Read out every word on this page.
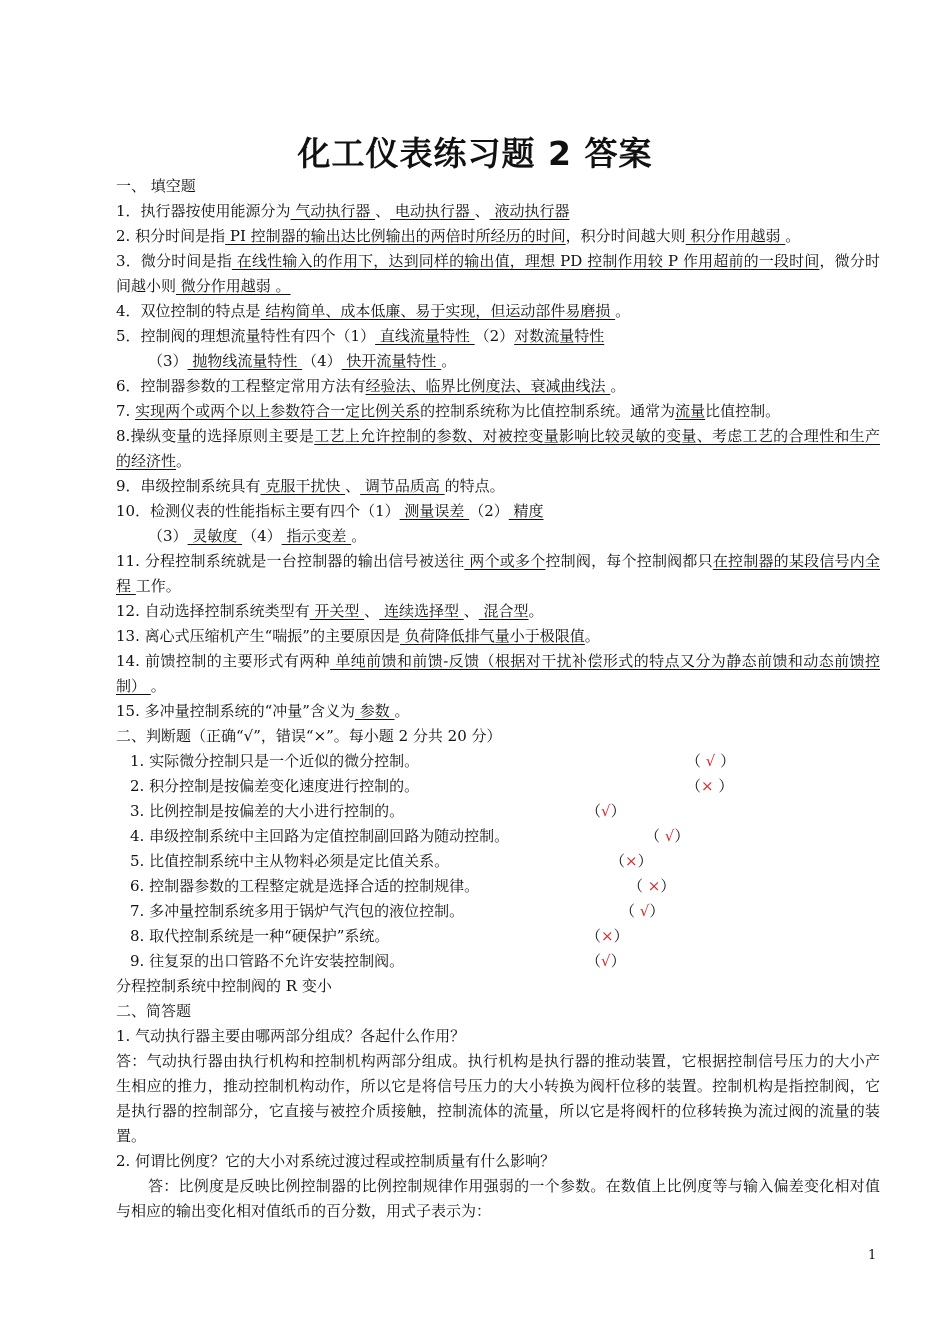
化工仪表练习题 2 答案
一、 填空题
1．执行器按使用能源分为 气动执行器 、 电动执行器 、 液动执行器
2. 积分时间是指 PI 控制器的输出达比例输出的两倍时所经历的时间，积分时间越大则 积分作用越弱 。
3．微分时间是指 在线性输入的作用下，达到同样的输出值，理想 PD 控制作用较 P 作用超前的一段时间，微分时间越小则 微分作用越弱 。
4．双位控制的特点是 结构简单、成本低廉、易于实现，但运动部件易磨损 。
5．控制阀的理想流量特性有四个（1） 直线流量特性 （2）对数流量特性
（3） 抛物线流量特性 （4） 快开流量特性 。
6．控制器参数的工程整定常用方法有经验法、临界比例度法、衰减曲线法 。
7. 实现两个或两个以上参数符合一定比例关系的控制系统称为比值控制系统。通常为流量比值控制。
8.操纵变量的选择原则主要是工艺上允许控制的参数、对被控变量影响比较灵敏的变量、考虑工艺的合理性和生产的经济性。
9．串级控制系统具有 克服干扰快 、 调节品质高 的特点。
10．检测仪表的性能指标主要有四个（1） 测量误差 （2） 精度
（3） 灵敏度 （4） 指示变差 。
11. 分程控制系统就是一台控制器的输出信号被送往 两个或多个控制阀，每个控制阀都只在控制器的某段信号内全程 工作。
12. 自动选择控制系统类型有 开关型 、 连续选择型 、 混合型。
13. 离心式压缩机产生“喘振”的主要原因是 负荷降低排气量小于极限值。
14. 前馈控制的主要形式有两种 单纯前馈和前馈-反馈（根据对干扰补偿形式的特点又分为静态前馈和动态前馈控制） 。
15. 多冲量控制系统的“冲量”含义为 参数 。
二、判断题（正确“√”，错误“×”。每小题 2 分共 20 分）
1. 实际微分控制只是一个近似的微分控制。	（ √ ）
2. 积分控制是按偏差变化速度进行控制的。	（× ）
3. 比例控制是按偏差的大小进行控制的。	（√）
4. 串级控制系统中主回路为定值控制副回路为随动控制。	（ √）
5. 比值控制系统中主从物料必须是定比值关系。	（×）
6. 控制器参数的工程整定就是选择合适的控制规律。	（ ×）
7. 多冲量控制系统多用于锅炉气汽包的液位控制。	（ √）
8. 取代控制系统是一种“硬保护”系统。	（×）
9. 往复泵的出口管路不允许安装控制阀。	（√）
分程控制系统中控制阀的 R 变小
二、简答题
1. 气动执行器主要由哪两部分组成？各起什么作用？
答：气动执行器由执行机构和控制机构两部分组成。执行机构是执行器的推动装置，它根据控制信号压力的大小产生相应的推力，推动控制机构动作，所以它是将信号压力的大小转换为阀杆位移的装置。控制机构是指控制阀，它是执行器的控制部分，它直接与被控介质接触，控制流体的流量，所以它是将阀杆的位移转换为流过阀的流量的装置。
2. 何谓比例度？它的大小对系统过渡过程或控制质量有什么影响？
答：比例度是反映比例控制器的比例控制规律作用强弱的一个参数。在数值上比例度等与输入偏差变化相对值与相应的输出变化相对值纸币的百分数，用式子表示为：
1
